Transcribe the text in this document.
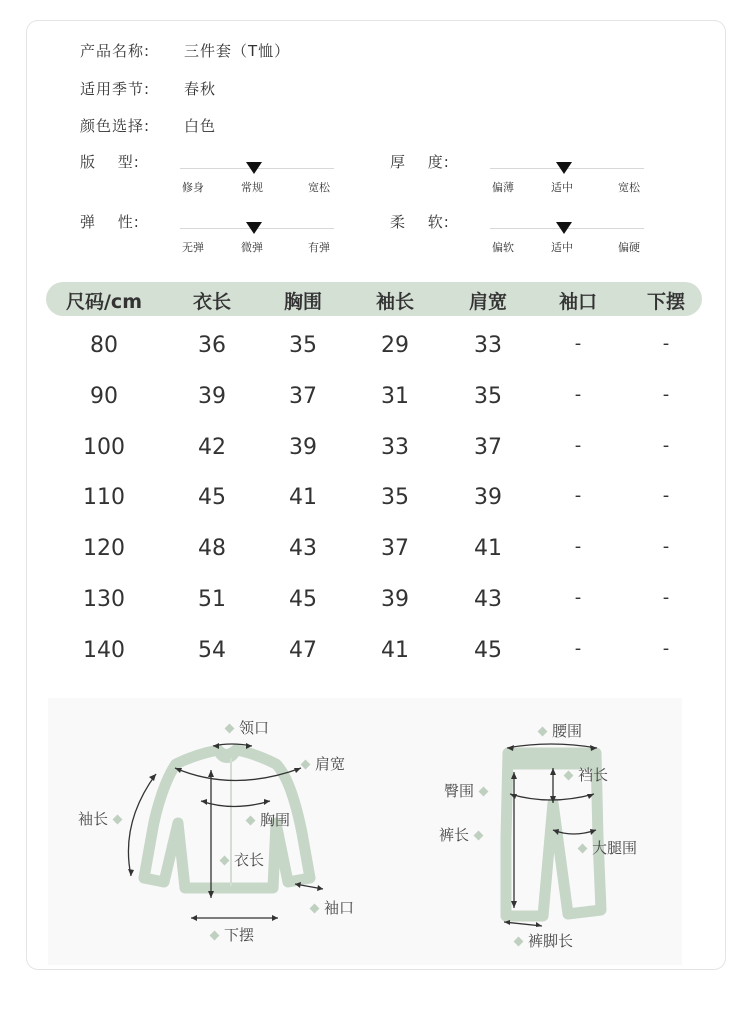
产品名称: 三件套（T恤）
适用季节: 春秋
颜色选择: 白色
版　 型:
修身	常规	宽松
厚　 度:
偏薄	适中	宽松
弹　 性:
无弹	微弹	有弹
柔　 软:
偏软	适中	偏硬
尺码/cm	衣长	胸围	袖长	肩宽	袖口	下摆
80	36	35	29	33	-	-
90	39	37	31	35	-	-
100	42	39	33	37	-	-
110	45	41	35	39	-	-
120	48	43	37	41	-	-
130	51	45	39	43	-	-
140	54	47	41	45	-	-
领口
肩宽
袖长	胸围
衣长
袖口
下摆
腰围
裆长
臀围
裤长
大腿围
裤脚长
